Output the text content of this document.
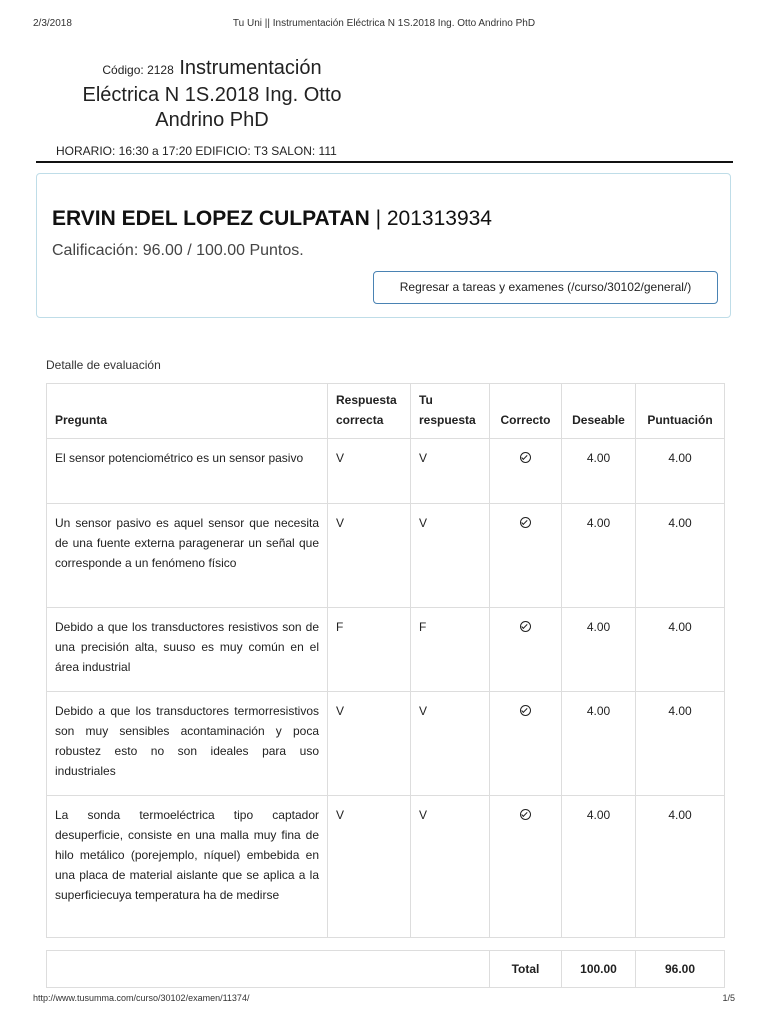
2/3/2018	Tu Uni || Instrumentación Eléctrica N 1S.2018 Ing. Otto Andrino PhD
Código: 2128 Instrumentación
Eléctrica N 1S.2018 Ing. Otto
Andrino PhD
HORARIO: 16:30 a 17:20 EDIFICIO: T3 SALON: 111
ERVIN EDEL LOPEZ CULPATAN | 201313934
Calificación: 96.00 / 100.00 Puntos.
Regresar a tareas y examenes (/curso/30102/general/)
Detalle de evaluación
Pregunta	Respuesta correcta	Tu respuesta	Correcto	Deseable	Puntuación
El sensor potenciométrico es un sensor pasivo	V	V		4.00	4.00
Un sensor pasivo es aquel sensor que necesita de una fuente externa paragenerar un señal que corresponde a un fenómeno físico	V	V		4.00	4.00
Debido a que los transductores resistivos son de una precisión alta, suuso es muy común en el área industrial	F	F		4.00	4.00
Debido a que los transductores termorresistivos son muy sensibles acontaminación y poca robustez esto no son ideales para uso industriales	V	V		4.00	4.00
La sonda termoeléctrica tipo captador desuperficie, consiste en una malla muy fina de hilo metálico (porejemplo, níquel) embebida en una placa de material aislante que se aplica a la superficiecuya temperatura ha de medirse	V	V		4.00	4.00
	Total	100.00	96.00
http://www.tusumma.com/curso/30102/examen/11374/	1/5
